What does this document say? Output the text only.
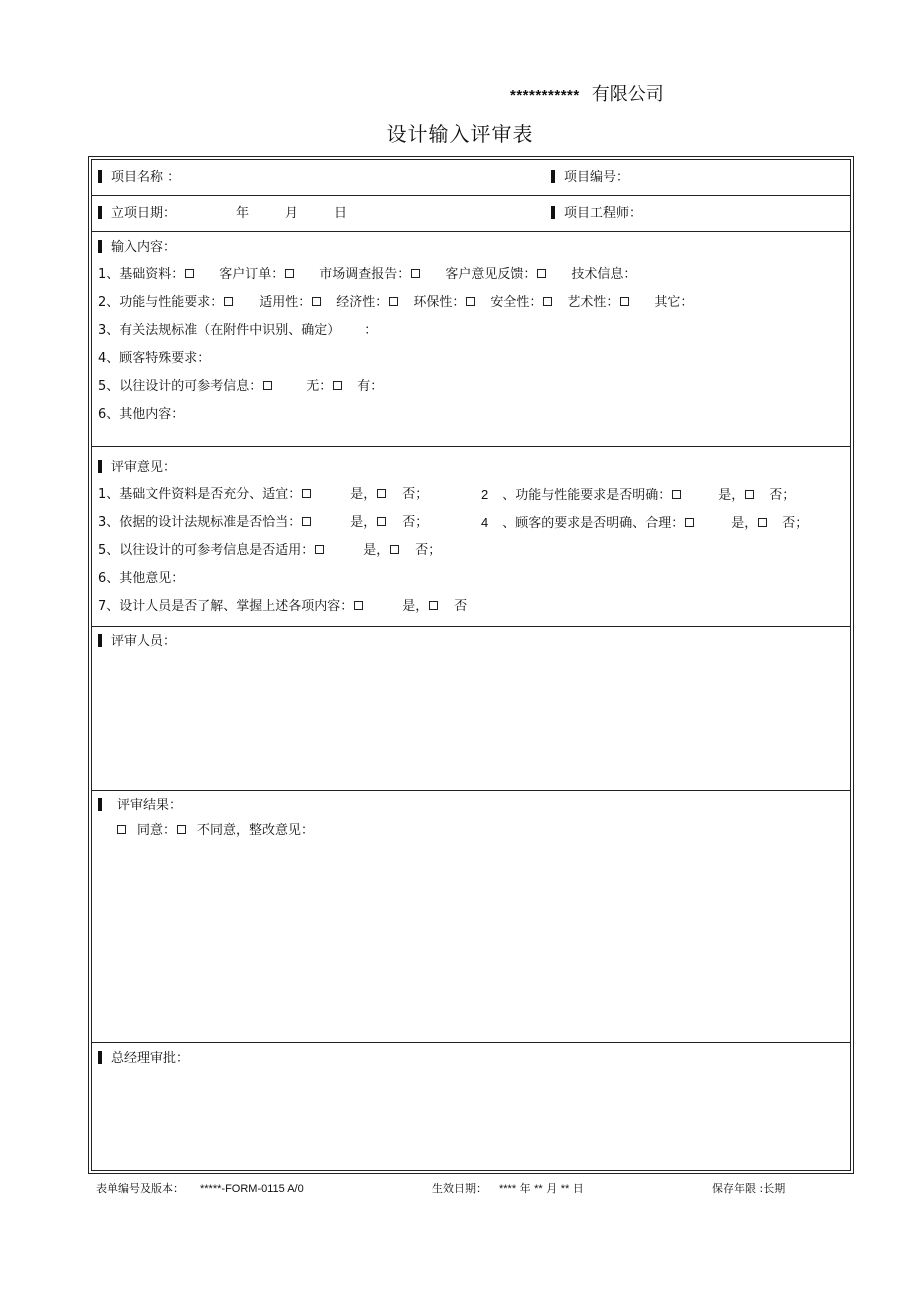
*********** 有限公司
设计输入评审表
项目名称 ：	项目编号：
立项日期：	年	月	日	项目工程师：
输入内容：
1、基础资料：	客户订单：	市场调查报告：	客户意见反馈：	技术信息：
2、功能与性能要求：	适用性： 经济性： 环保性： 安全性： 艺术性：	其它：
3、有关法规标准（在附件中识别、确定） ：
4、顾客特殊要求：
5、以往设计的可参考信息：	无： 有：
6、其他内容：
评审意见：
1、基础文件资料是否充分、适宜：	是， 否；	2 、功能与性能要求是否明确：	是， 否；
3、依据的设计法规标准是否恰当：	是， 否；	4 、顾客的要求是否明确、合理：	是， 否；
5、以往设计的可参考信息是否适用：	是， 否；
6、其他意见：
7、设计人员是否了解、掌握上述各项内容：	是， 否
评审人员：
评审结果：
同意： 不同意，整改意见：
总经理审批：
表单编号及版本： *****-FORM-0115 A/0	生效日期： **** 年 ** 月 ** 日	保存年限 :长期
